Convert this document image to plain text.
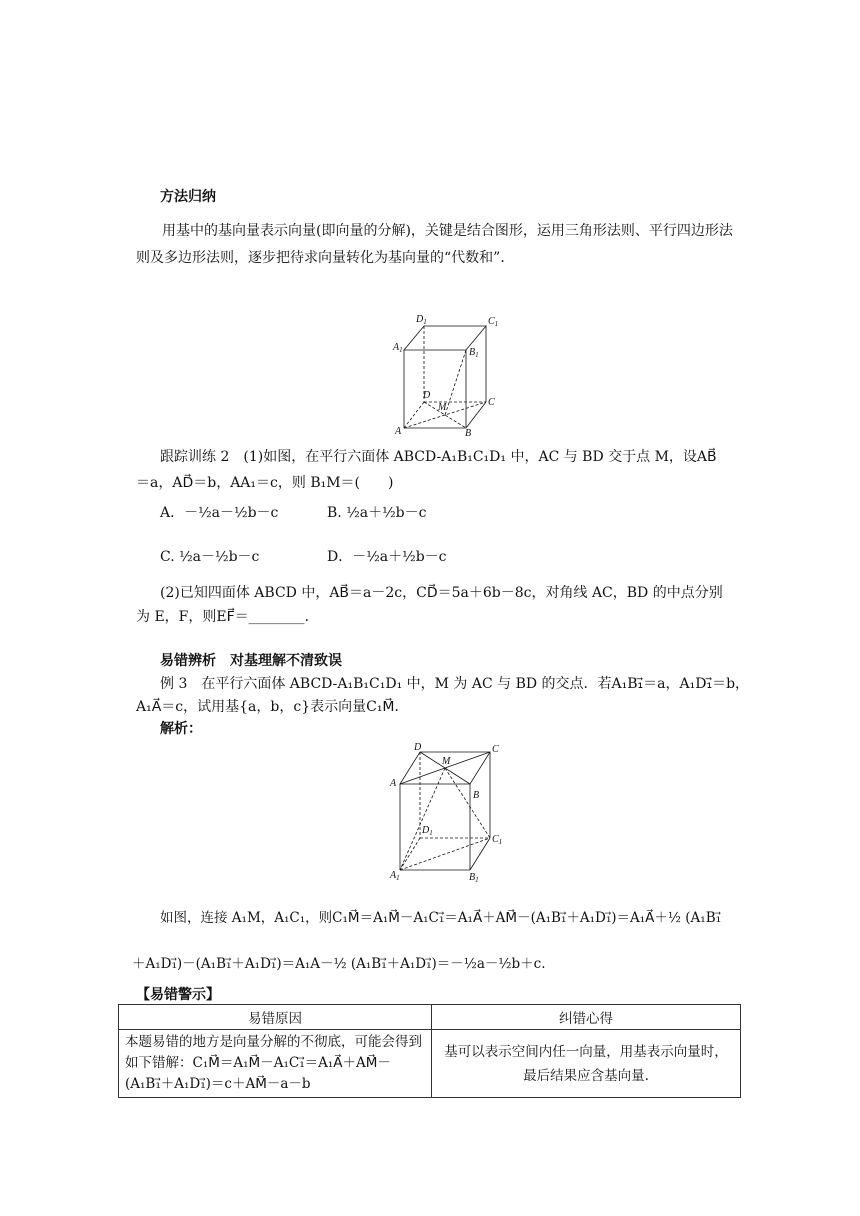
方法归纳
用基中的基向量表示向量(即向量的分解)，关键是结合图形，运用三角形法则、平行四边形法则及多边形法则，逐步把待求向量转化为基向量的“代数和”．
$D_1$	$C_1$
$A_1$	$B_1$
D
C
M
A	B
跟踪训练 2　(1)如图，在平行六面体 ABCD-A₁B₁C₁D₁ 中，AC 与 BD 交于点 M，设AB⃗
＝a，AD⃗＝b，AA₁＝c，则 B₁M＝(　　)
A．－½a－½b－c	B. ½a＋½b－c
C. ½a－½b－c	D．－½a＋½b－c
(2)已知四面体 ABCD 中，AB⃗＝a－2c，CD⃗＝5a＋6b－8c，对角线 AC，BD 的中点分别
为 E，F，则EF⃗＝________．
易错辨析　对基理解不清致误
例 3　在平行六面体 ABCD-A₁B₁C₁D₁ 中，M 为 AC 与 BD 的交点．若A₁B₁⃗＝a，A₁D₁⃗＝b，
A₁A⃗＝c，试用基{a，b，c}表示向量C₁M⃗．
解析：
D	C
M
A
B
$D_1$
$C_1$
$A_1$	$B_1$
如图，连接 A₁M，A₁C₁，则C₁M⃗＝A₁M⃗－A₁C₁⃗＝A₁A⃗＋AM⃗－(A₁B₁⃗＋A₁D₁⃗)＝A₁A⃗＋½ (A₁B₁⃗
＋A₁D₁⃗)－(A₁B₁⃗＋A₁D₁⃗)＝A₁A－½ (A₁B₁⃗＋A₁D₁⃗)＝－½a－½b＋c.
【易错警示】
易错原因	纠错心得
本题易错的地方是向量分解的不彻底，可能会得到如下错解：C₁M⃗＝A₁M⃗－A₁C₁⃗＝A₁A⃗＋AM⃗－(A₁B₁⃗＋A₁D₁⃗)＝c＋AM⃗－a－b	基可以表示空间内任一向量，用基表示向量时，最后结果应含基向量.
